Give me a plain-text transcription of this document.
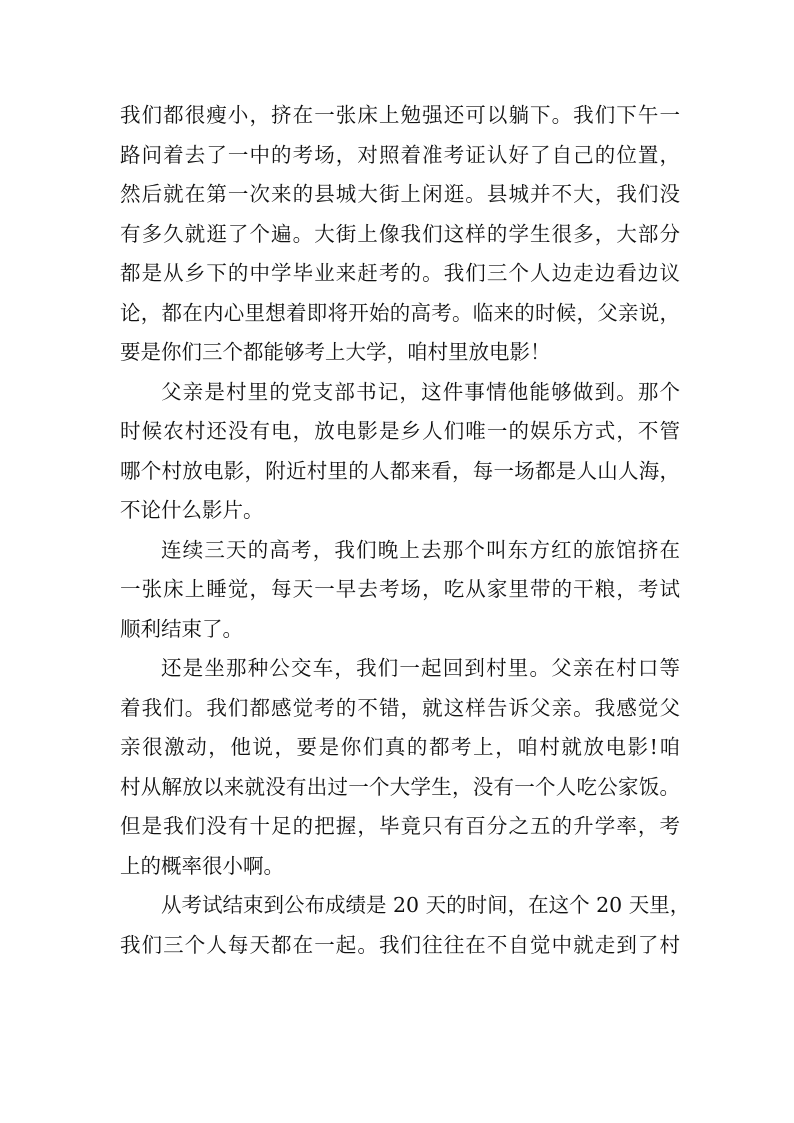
我们都很瘦小，挤在一张床上勉强还可以躺下。我们下午一
路问着去了一中的考场，对照着准考证认好了自己的位置，
然后就在第一次来的县城大街上闲逛。县城并不大，我们没
有多久就逛了个遍。大街上像我们这样的学生很多，大部分
都是从乡下的中学毕业来赶考的。我们三个人边走边看边议
论，都在内心里想着即将开始的高考。临来的时候，父亲说，
要是你们三个都能够考上大学，咱村里放电影！
父亲是村里的党支部书记，这件事情他能够做到。那个
时候农村还没有电，放电影是乡人们唯一的娱乐方式，不管
哪个村放电影，附近村里的人都来看，每一场都是人山人海，
不论什么影片。
连续三天的高考，我们晚上去那个叫东方红的旅馆挤在
一张床上睡觉，每天一早去考场，吃从家里带的干粮，考试
顺利结束了。
还是坐那种公交车，我们一起回到村里。父亲在村口等
着我们。我们都感觉考的不错，就这样告诉父亲。我感觉父
亲很激动，他说，要是你们真的都考上，咱村就放电影!咱
村从解放以来就没有出过一个大学生，没有一个人吃公家饭。
但是我们没有十足的把握，毕竟只有百分之五的升学率，考
上的概率很小啊。
从考试结束到公布成绩是 20 天的时间，在这个 20 天里，
我们三个人每天都在一起。我们往往在不自觉中就走到了村
